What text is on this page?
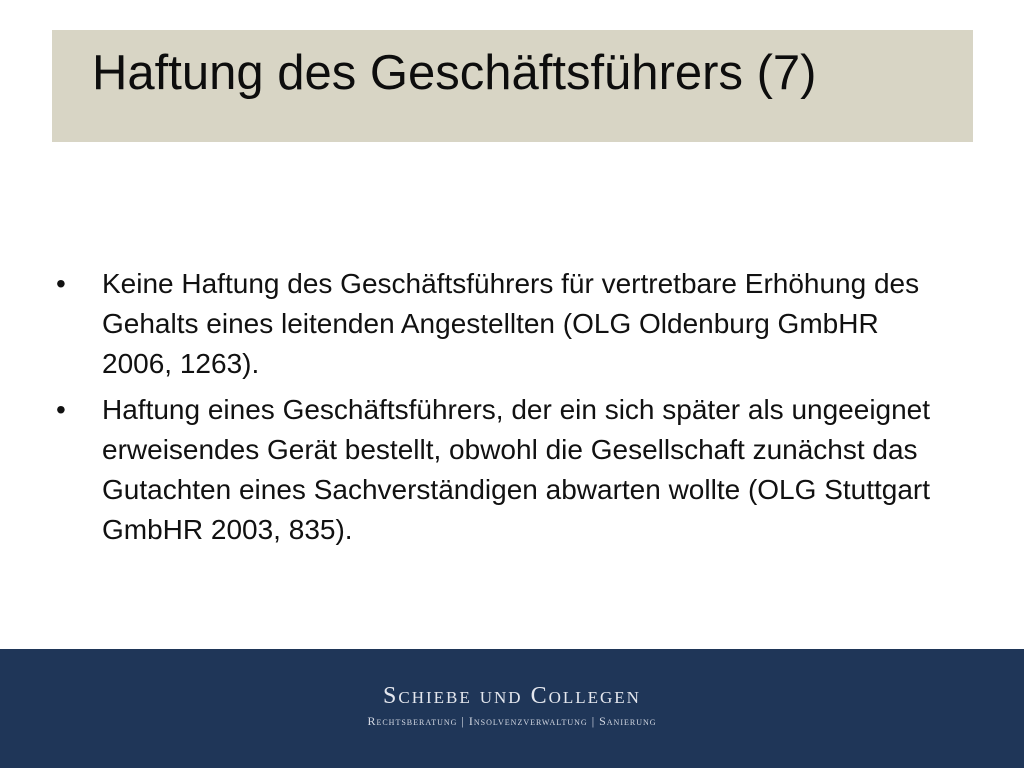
Haftung des Geschäftsführers (7)
•	Keine Haftung des Geschäftsführers für vertretbare Erhöhung des Gehalts eines leitenden Angestellten (OLG Oldenburg GmbHR 2006, 1263).
•	Haftung eines Geschäftsführers, der ein sich später als ungeeignet erweisendes Gerät bestellt, obwohl die Gesellschaft zunächst das Gutachten eines Sachverständigen abwarten wollte (OLG Stuttgart GmbHR 2003, 835).
Schiebe und Collegen
Rechtsberatung | Insolvenzverwaltung | Sanierung
